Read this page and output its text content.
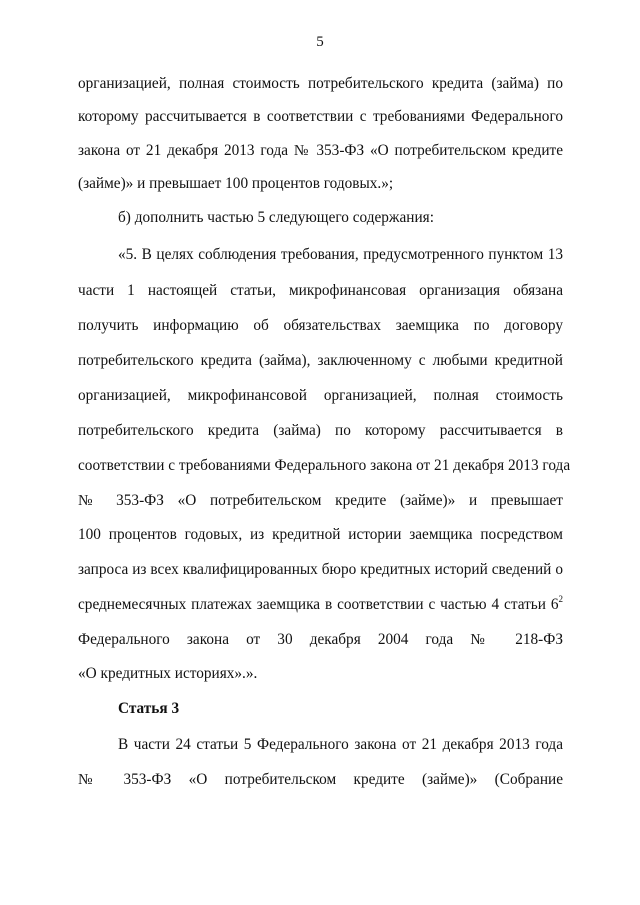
5
организацией, полная стоимость потребительского кредита (займа) по
которому рассчитывается в соответствии с требованиями Федерального
закона от 21 декабря 2013 года № 353-ФЗ «О потребительском кредите
(займе)» и превышает 100 процентов годовых.»;
б) дополнить частью 5 следующего содержания:
«5. В целях соблюдения требования, предусмотренного пунктом 13
части 1 настоящей статьи, микрофинансовая организация обязана
получить информацию об обязательствах заемщика по договору
потребительского кредита (займа), заключенному с любыми кредитной
организацией, микрофинансовой организацией, полная стоимость
потребительского кредита (займа) по которому рассчитывается в
соответствии с требованиями Федерального закона от 21 декабря 2013 года
№ 353-ФЗ «О потребительском кредите (займе)» и превышает
100 процентов годовых, из кредитной истории заемщика посредством
запроса из всех квалифицированных бюро кредитных историй сведений о
среднемесячных платежах заемщика в соответствии с частью 4 статьи $6^2$
Федерального закона от 30 декабря 2004 года № 218-ФЗ
«О кредитных историях».».
Статья 3
В части 24 статьи 5 Федерального закона от 21 декабря 2013 года
№ 353-ФЗ «О потребительском кредите (займе)» (Собрание
